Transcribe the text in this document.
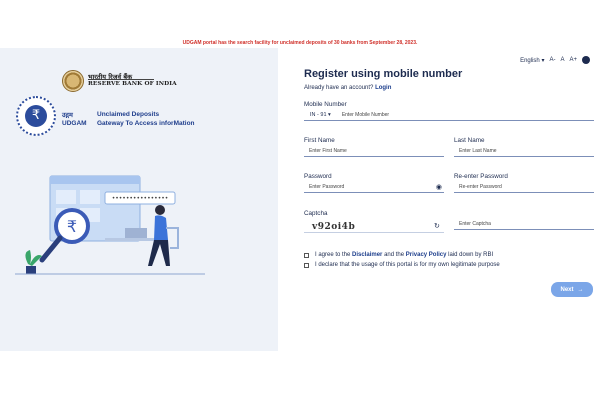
UDGAM portal has the search facility for unclaimed deposits of 30 banks from September 28, 2023.
भारतीय रिज़र्व बैंक
RESERVE BANK OF INDIA
₹	उद्गम
UDGAM
Unclaimed Deposits
Gateway To Access inforMation
••••••••••••••••
₹
English ▾ A- A A+
Register using mobile number
Already have an account? Login
Mobile Number
IN - 91 ▾	Enter Mobile Number
First Name
Enter First Name
Last Name
Enter Last Name
Password
Enter Password	◉
Re-enter Password
Re-enter Password
Captcha
v92oi4b	↻	Enter Captcha
I agree to the Disclaimer and the Privacy Policy laid down by RBI
I declare that the usage of this portal is for my own legitimate purpose
Next →
